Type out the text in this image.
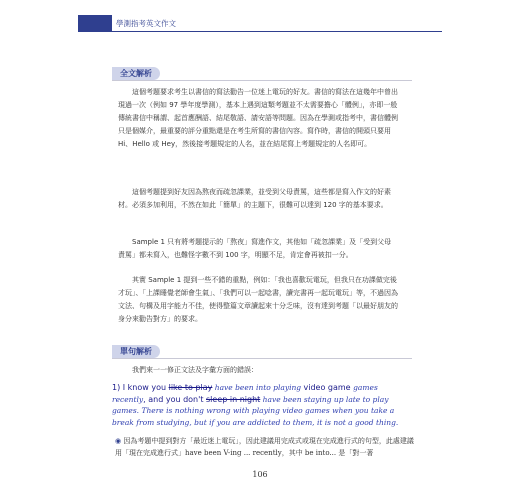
學測指考英文作文
全文解析
這個考題要求考生以書信的寫法勸告一位迷上電玩的好友。書信的寫法在這幾年中曾出現過一次（例如 97 學年度學測），基本上遇到這類考題並不太需要擔心「體例」，亦即一般傳統書信中稱謂、起首應酬語、結尾敬語、請安語等問題。因為在學測或指考中，書信體例只是個媒介，最重要的評分重點還是在考生所寫的書信內容。寫作時，書信的開頭只要用 Hi、Hello 或 Hey，然後接考題規定的人名，並在結尾寫上考題規定的人名即可。
這個考題提到好友因為熬夜而疏忽課業，並受到父母責罵，這些都是寫入作文的好素材。必須多加利用，不然在如此「簡單」的主題下，很難可以達到 120 字的基本要求。
Sample 1 只有將考題提示的「熬夜」寫進作文，其他如「疏忽課業」及「受到父母責罵」都未寫入，也難怪字數不到 100 字，明顯不足，肯定會再被扣一分。
其實 Sample 1 提到一些不錯的重點，例如：「我也喜歡玩電玩，但我只在功課做完後才玩」、「上課睡覺老師會生氣」、「我們可以一起唸書，讀完書再一起玩電玩」等，不過因為文法、句構及用字能力不佳，使得整篇文章讀起來十分乏味，沒有達到考題「以最好朋友的身分來勸告對方」的要求。
單句解析
我們來一一修正文法及字彙方面的錯誤：
1) I know you like to play have been into playing video game games recently, and you don't sleep in night have been staying up late to play games. There is nothing wrong with playing video games when you take a break from studying, but if you are addicted to them, it is not a good thing.
◉ 因為考題中提到對方「最近迷上電玩」，因此建議用完成式或現在完成進行式的句型，此處建議用「現在完成進行式」have been V-ing ... recently，其中 be into... 是「對一著
106
